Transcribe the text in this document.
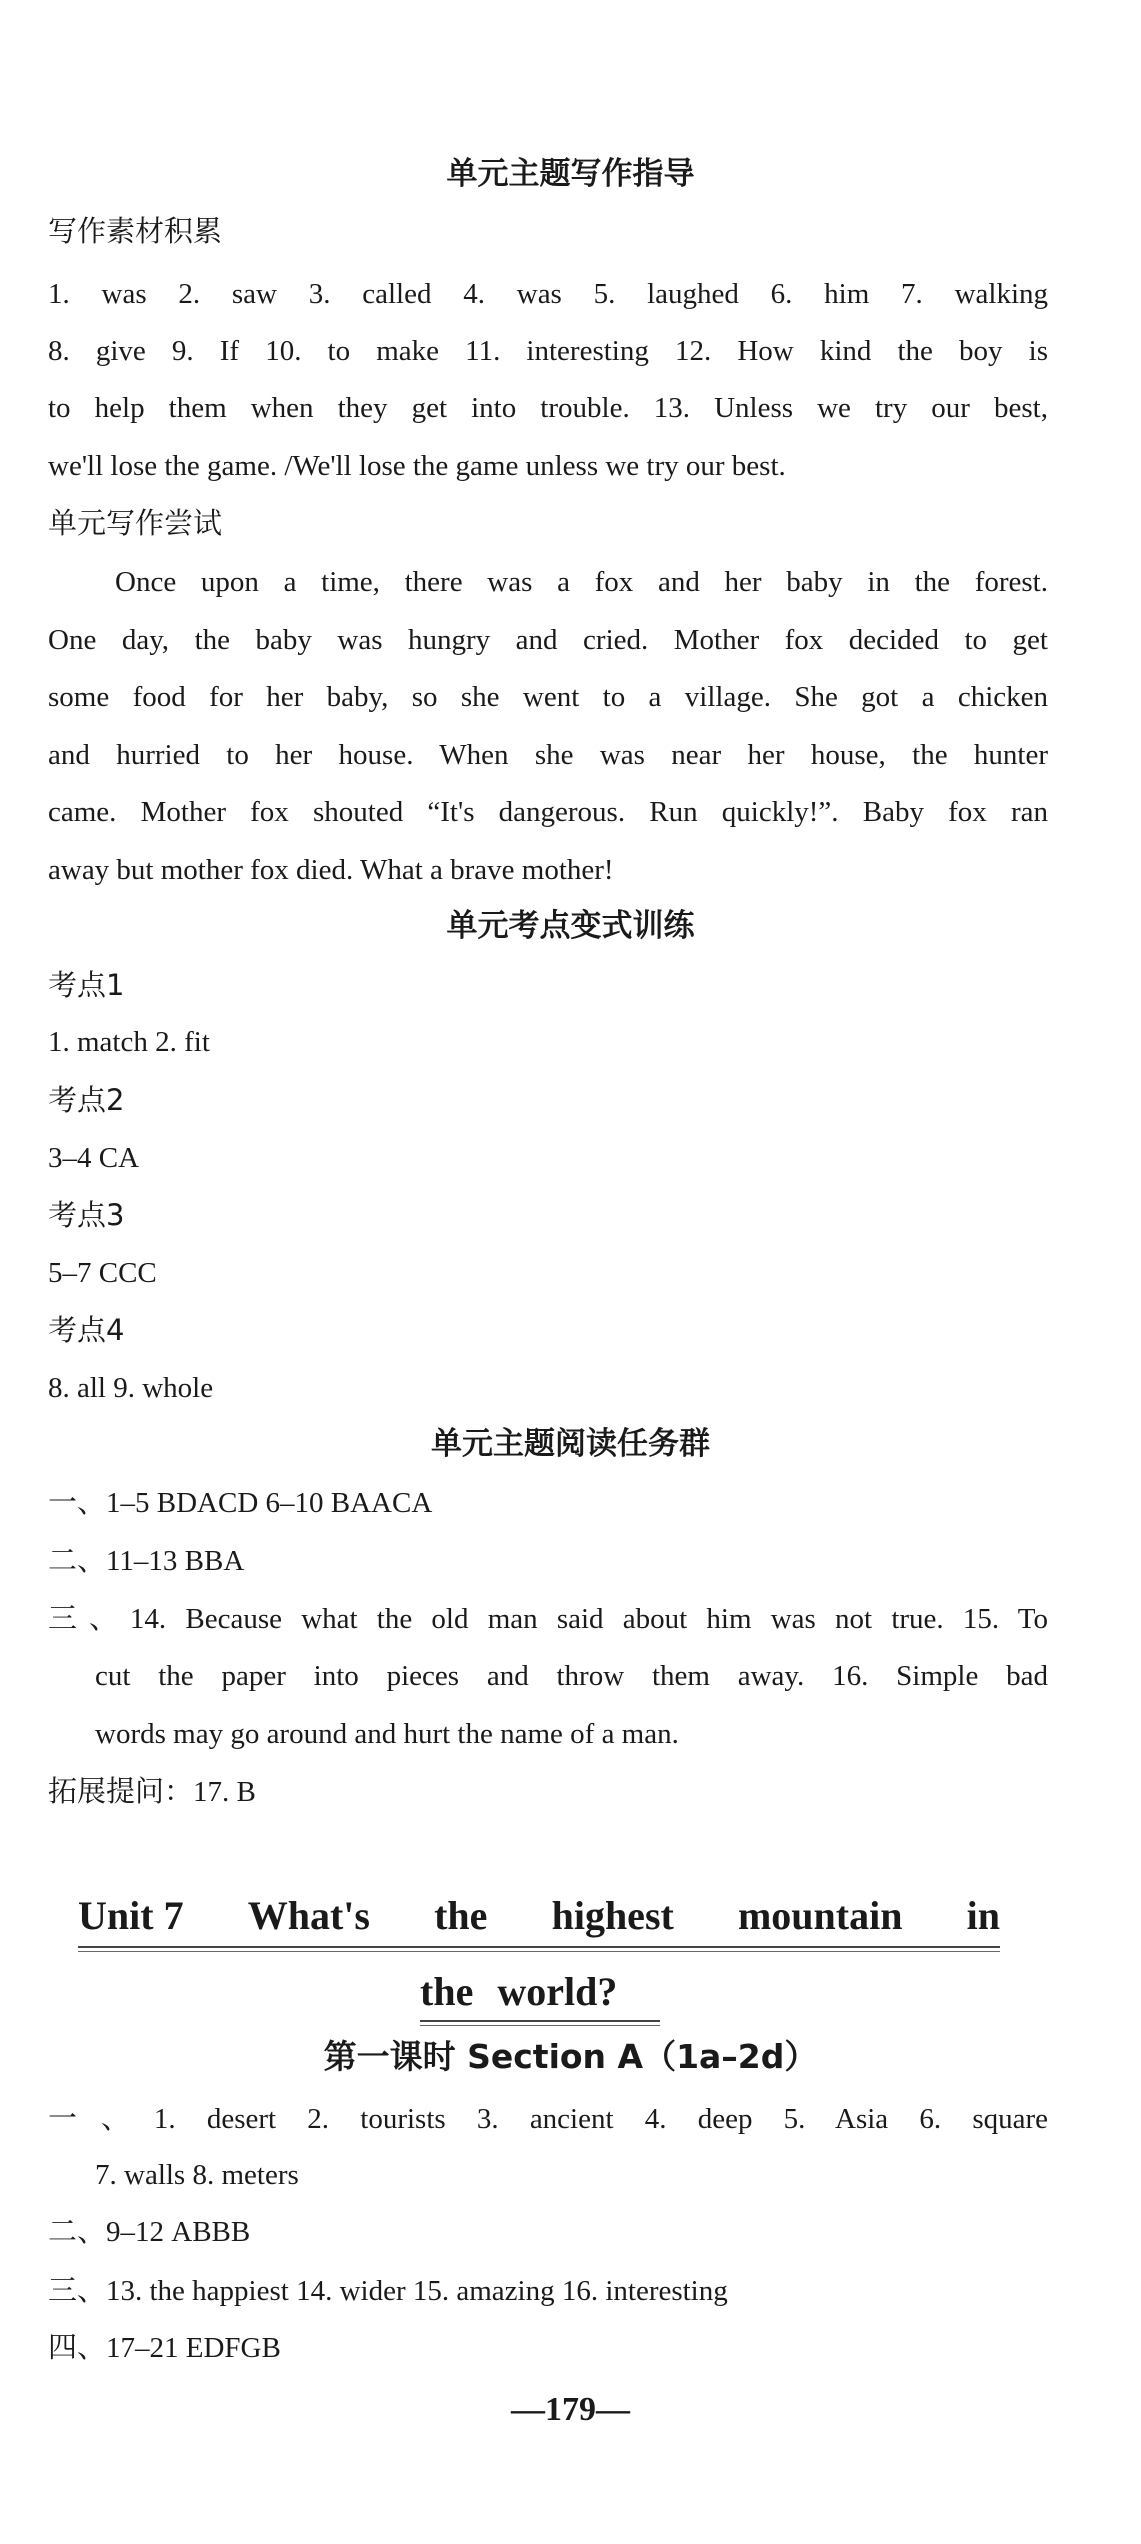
单元主题写作指导
写作素材积累
1. was 2. saw 3. called 4. was 5. laughed 6. him 7. walking
8. give 9. If 10. to make 11. interesting 12. How kind the boy is
to help them when they get into trouble. 13. Unless we try our best,
we'll lose the game. /We'll lose the game unless we try our best.
单元写作尝试
Once upon a time, there was a fox and her baby in the forest.
One day, the baby was hungry and cried. Mother fox decided to get
some food for her baby, so she went to a village. She got a chicken
and hurried to her house. When she was near her house, the hunter
came. Mother fox shouted “It's dangerous. Run quickly!”. Baby fox ran
away but mother fox died. What a brave mother!
单元考点变式训练
考点1
1. match 2. fit
考点2
3–4 CA
考点3
5–7 CCC
考点4
8. all 9. whole
单元主题阅读任务群
一、1–5 BDACD 6–10 BAACA
二、11–13 BBA
三、14. Because what the old man said about him was not true. 15. To
cut the paper into pieces and throw them away. 16. Simple bad
words may go around and hurt the name of a man.
拓展提问：17. B
Unit 7 What's the highest mountain in
the world?
第一课时 Section A（1a–2d）
一、1. desert 2. tourists 3. ancient 4. deep 5. Asia 6. square
7. walls 8. meters
二、9–12 ABBB
三、13. the happiest 14. wider 15. amazing 16. interesting
四、17–21 EDFGB
—179—
